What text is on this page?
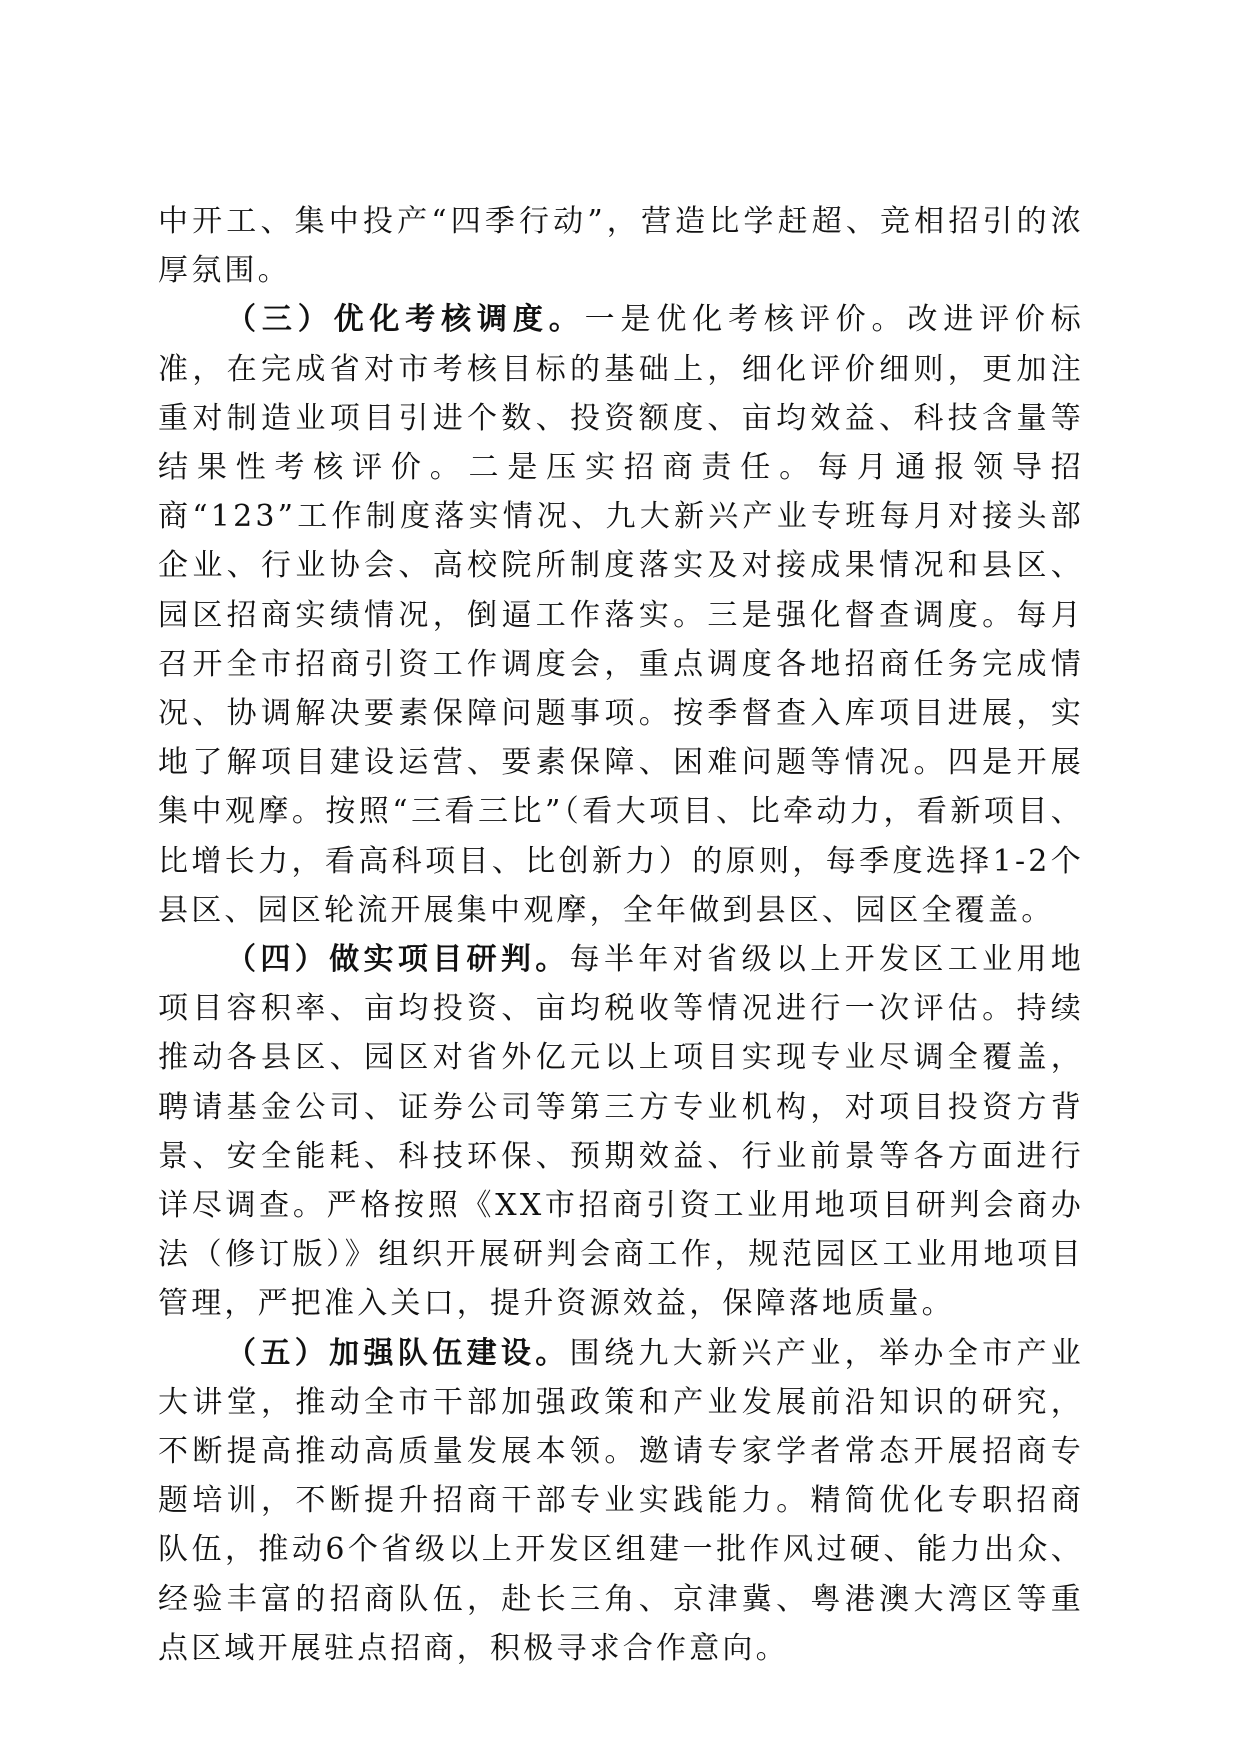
中开工、集中投产“四季行动”，营造比学赶超、竞相招引的浓厚氛围。

（三）优化考核调度。一是优化考核评价。改进评价标准，在完成省对市考核目标的基础上，细化评价细则，更加注重对制造业项目引进个数、投资额度、亩均效益、科技含量等结果性考核评价。二是压实招商责任。每月通报领导招商“123”工作制度落实情况、九大新兴产业专班每月对接头部企业、行业协会、高校院所制度落实及对接成果情况和县区、园区招商实绩情况，倒逼工作落实。三是强化督查调度。每月召开全市招商引资工作调度会，重点调度各地招商任务完成情况、协调解决要素保障问题事项。按季督查入库项目进展，实地了解项目建设运营、要素保障、困难问题等情况。四是开展集中观摩。按照“三看三比”（看大项目、比牵动力，看新项目、比增长力，看高科项目、比创新力）的原则，每季度选择1-2个县区、园区轮流开展集中观摩，全年做到县区、园区全覆盖。

（四）做实项目研判。每半年对省级以上开发区工业用地项目容积率、亩均投资、亩均税收等情况进行一次评估。持续推动各县区、园区对省外亿元以上项目实现专业尽调全覆盖，聘请基金公司、证券公司等第三方专业机构，对项目投资方背景、安全能耗、科技环保、预期效益、行业前景等各方面进行详尽调查。严格按照《XX市招商引资工业用地项目研判会商办法（修订版）》组织开展研判会商工作，规范园区工业用地项目管理，严把准入关口，提升资源效益，保障落地质量。

（五）加强队伍建设。围绕九大新兴产业，举办全市产业大讲堂，推动全市干部加强政策和产业发展前沿知识的研究，不断提高推动高质量发展本领。邀请专家学者常态开展招商专题培训，不断提升招商干部专业实践能力。精简优化专职招商队伍，推动6个省级以上开发区组建一批作风过硬、能力出众、经验丰富的招商队伍，赴长三角、京津冀、粤港澳大湾区等重点区域开展驻点招商，积极寻求合作意向。
